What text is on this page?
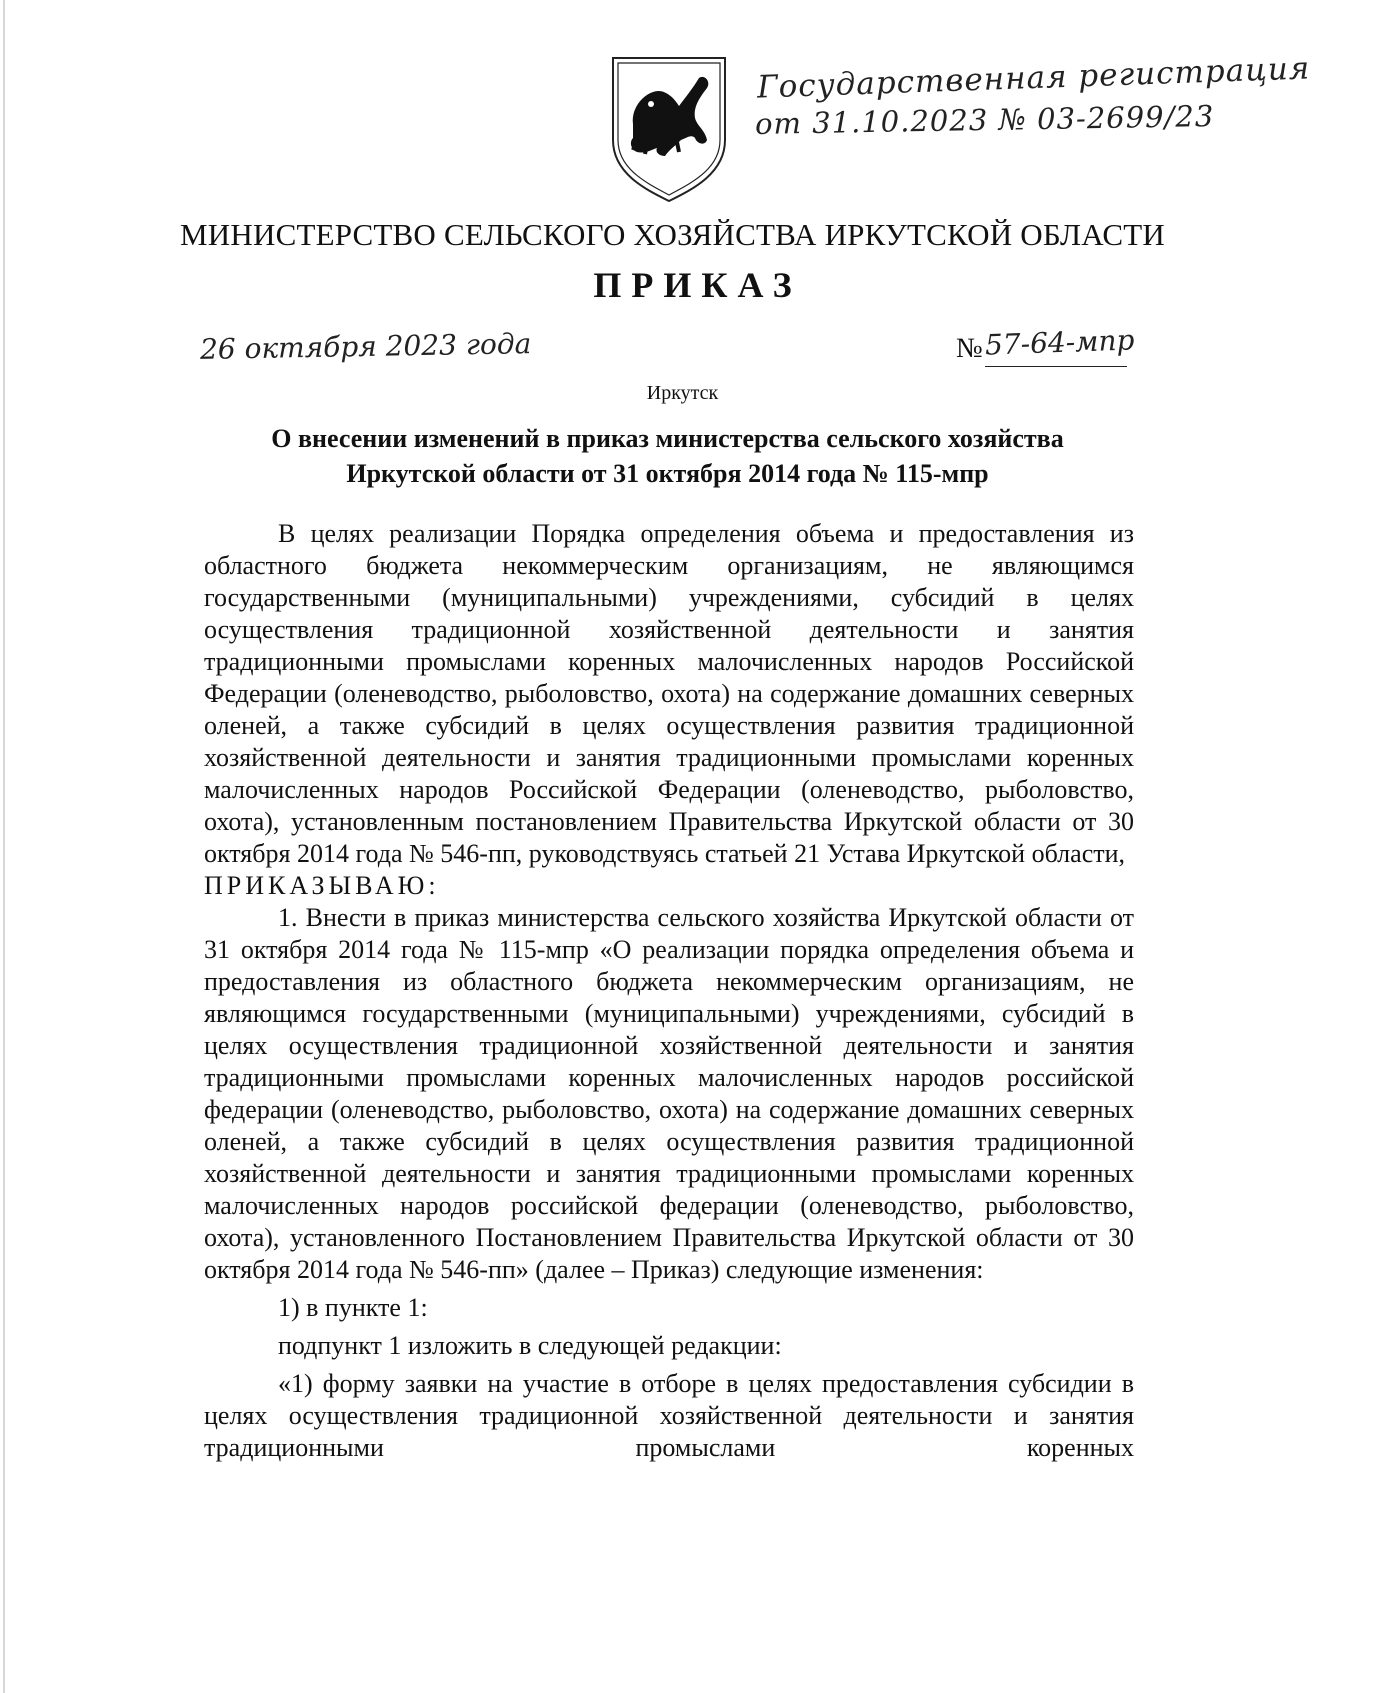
Государственная регистрация
от 31.10.2023 № 03-2699/23
МИНИСТЕРСТВО СЕЛЬСКОГО ХОЗЯЙСТВА ИРКУТСКОЙ ОБЛАСТИ
ПРИКАЗ
26 октября 2023 года	№ 57-64-мпр
Иркутск
О внесении изменений в приказ министерства сельского хозяйства
Иркутской области от 31 октября 2014 года № 115-мпр

В целях реализации Порядка определения объема и предоставления из областного бюджета некоммерческим организациям, не являющимся государственными (муниципальными) учреждениями, субсидий в целях осуществления традиционной хозяйственной деятельности и занятия традиционными промыслами коренных малочисленных народов Российской Федерации (оленеводство, рыболовство, охота) на содержание домашних северных оленей, а также субсидий в целях осуществления развития традиционной хозяйственной деятельности и занятия традиционными промыслами коренных малочисленных народов Российской Федерации (оленеводство, рыболовство, охота), установленным постановлением Правительства Иркутской области от 30 октября 2014 года № 546-пп, руководствуясь статьей 21 Устава Иркутской области,

ПРИКАЗЫВАЮ:

1. Внести в приказ министерства сельского хозяйства Иркутской области от 31 октября 2014 года № 115-мпр «О реализации порядка определения объема и предоставления из областного бюджета некоммерческим организациям, не являющимся государственными (муниципальными) учреждениями, субсидий в целях осуществления традиционной хозяйственной деятельности и занятия традиционными промыслами коренных малочисленных народов российской федерации (оленеводство, рыболовство, охота) на содержание домашних северных оленей, а также субсидий в целях осуществления развития традиционной хозяйственной деятельности и занятия традиционными промыслами коренных малочисленных народов российской федерации (оленеводство, рыболовство, охота), установленного Постановлением Правительства Иркутской области от 30 октября 2014 года № 546-пп» (далее – Приказ) следующие изменения:

1) в пункте 1:

подпункт 1 изложить в следующей редакции:

«1) форму заявки на участие в отборе в целях предоставления субсидии в целях осуществления традиционной хозяйственной деятельности и занятия традиционными промыслами коренных
